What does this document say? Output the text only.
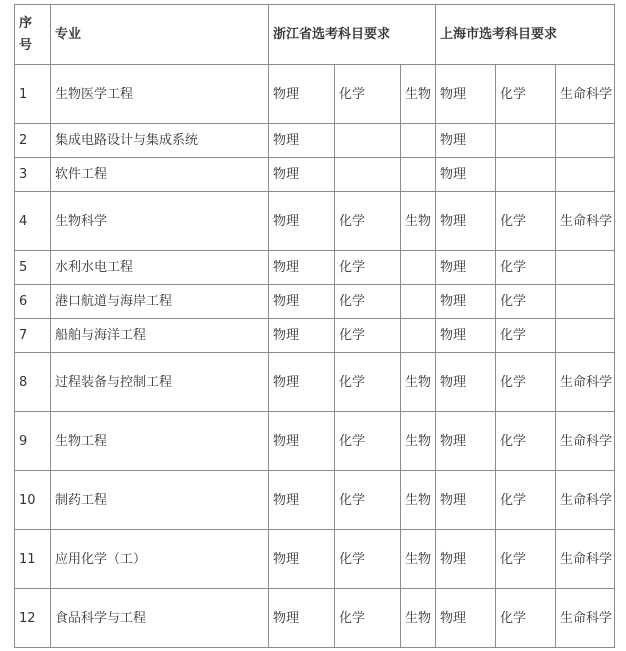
序
号	专业	浙江省选考科目要求			上海市选考科目要求		
1	生物医学工程	物理	化学	生物	物理	化学	生命科学
2	集成电路设计与集成系统	物理			物理		
3	软件工程	物理			物理		
4	生物科学	物理	化学	生物	物理	化学	生命科学
5	水利水电工程	物理	化学		物理	化学	
6	港口航道与海岸工程	物理	化学		物理	化学	
7	船舶与海洋工程	物理	化学		物理	化学	
8	过程装备与控制工程	物理	化学	生物	物理	化学	生命科学
9	生物工程	物理	化学	生物	物理	化学	生命科学
10	制药工程	物理	化学	生物	物理	化学	生命科学
11	应用化学（工）	物理	化学	生物	物理	化学	生命科学
12	食品科学与工程	物理	化学	生物	物理	化学	生命科学
